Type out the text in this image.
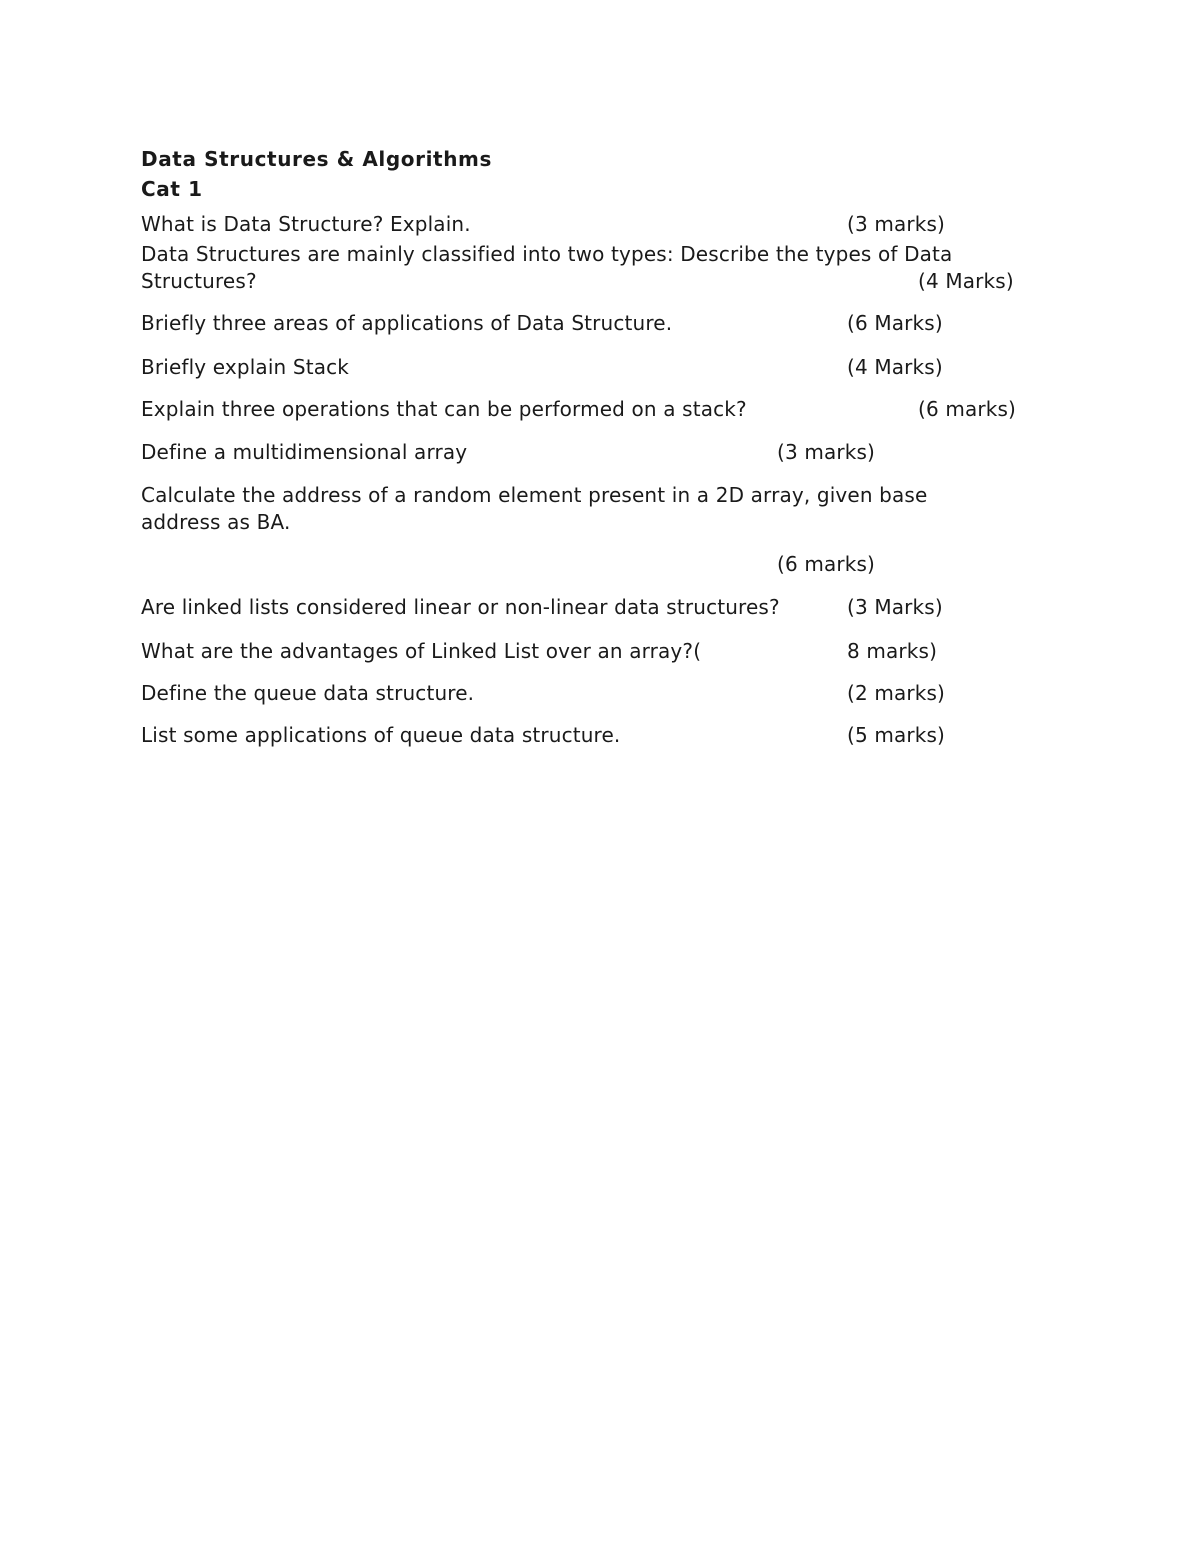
Data Structures & Algorithms
Cat 1
What is Data Structure? Explain.	(3 marks)
Data Structures are mainly classified into two types: Describe the types of Data
Structures?	(4 Marks)
Briefly three areas of applications of Data Structure.	(6 Marks)
Briefly explain Stack	(4 Marks)
Explain three operations that can be performed on a stack?	(6 marks)
Define a multidimensional array	(3 marks)
Calculate the address of a random element present in a 2D array, given base
address as BA.
(6 marks)
Are linked lists considered linear or non-linear data structures?	(3 Marks)
What are the advantages of Linked List over an array?(	8 marks)
Define the queue data structure.	(2 marks)
List some applications of queue data structure.	(5 marks)
